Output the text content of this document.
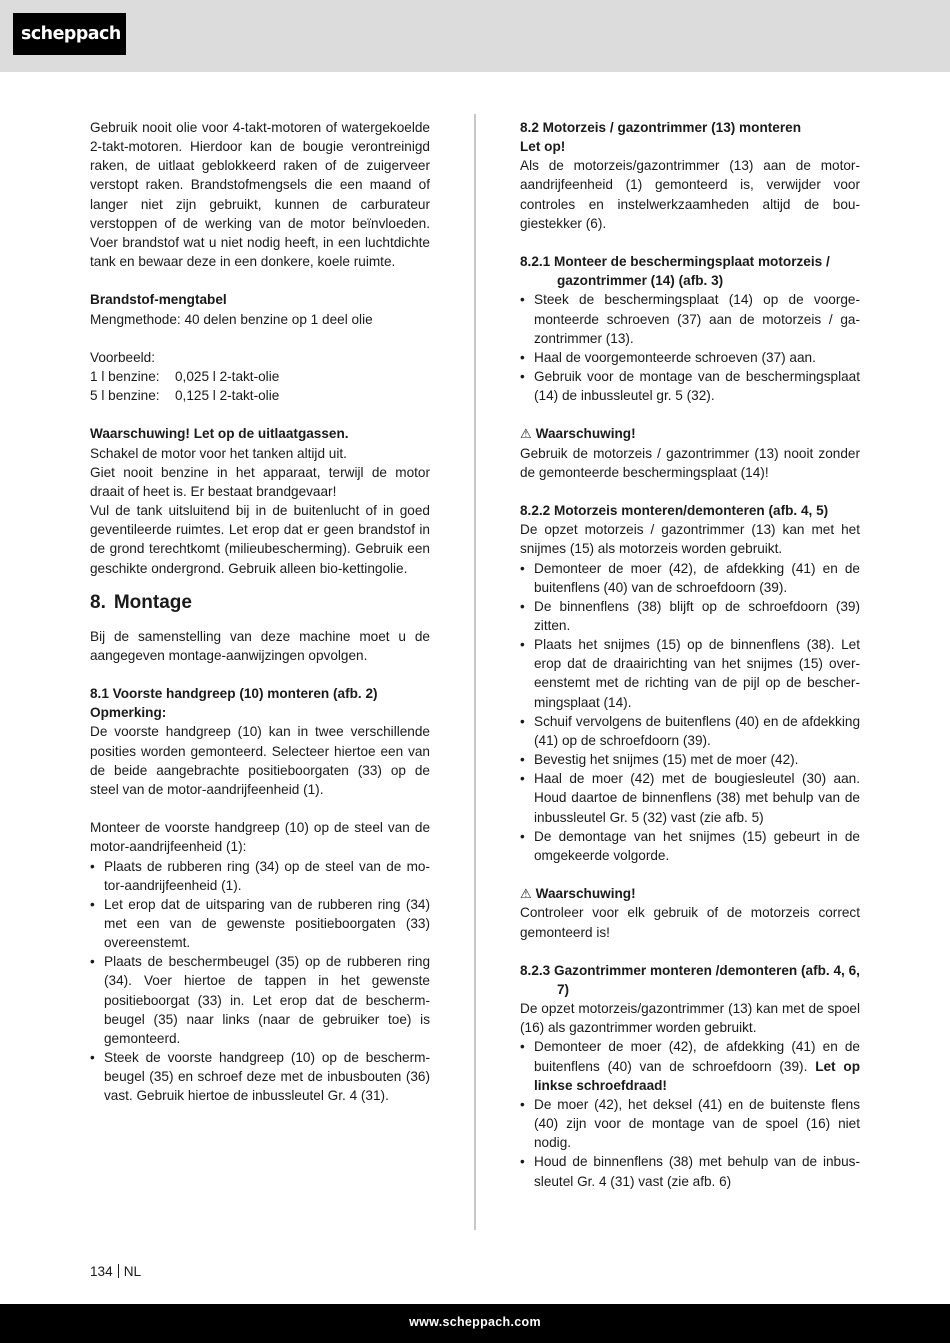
scheppach

Gebruik nooit olie voor 4-takt-motoren of watergekoelde 2-takt-motoren. Hierdoor kan de bougie verontreinigd raken, de uitlaat geblokkeerd raken of de zuigerveer verstopt raken. Brandstofmengsels die een maand of langer niet zijn gebruikt, kunnen de carburateur verstoppen of de werking van de motor beïnvloeden. Voer brandstof wat u niet nodig heeft, in een luchtdichte tank en bewaar deze in een donkere, koele ruimte.

Brandstof-mengtabel

Mengmethode: 40 delen benzine op 1 deel olie

Voorbeeld:

1 l benzine:	0,025 l 2-takt-olie
5 l benzine:	0,125 l 2-takt-olie

Waarschuwing! Let op de uitlaatgassen.

Schakel de motor voor het tanken altijd uit.

Giet nooit benzine in het apparaat, terwijl de motor draait of heet is. Er bestaat brandgevaar!

Vul de tank uitsluitend bij in de buitenlucht of in goed geventileerde ruimtes. Let erop dat er geen brandstof in de grond terechtkomt (milieubescherming). Gebruik een geschikte ondergrond. Gebruik alleen bio-kettingolie.

8. Montage

Bij de samenstelling van deze machine moet u de aangegeven montage-aanwijzingen opvolgen.

8.1 Voorste handgreep (10) monteren (afb. 2)

Opmerking:

De voorste handgreep (10) kan in twee verschillende posities worden gemonteerd. Selecteer hiertoe een van de beide aangebrachte positieboorgaten (33) op de steel van de motor-aandrijfeenheid (1).

Monteer de voorste handgreep (10) op de steel van de motor-aandrijfeenheid (1):

• Plaats de rubberen ring (34) op de steel van de motor-aandrijfeenheid (1).
• Let erop dat de uitsparing van de rubberen ring (34) met een van de gewenste positieboorgaten (33) overeenstemt.
• Plaats de beschermbeugel (35) op de rubberen ring (34). Voer hiertoe de tappen in het gewenste positieboorgat (33) in. Let erop dat de beschermbeugel (35) naar links (naar de gebruiker toe) is gemonteerd.
• Steek de voorste handgreep (10) op de beschermbeugel (35) en schroef deze met de inbusbouten (36) vast. Gebruik hiertoe de inbussleutel Gr. 4 (31).

8.2 Motorzeis / gazontrimmer (13) monteren

Let op!

Als de motorzeis/gazontrimmer (13) aan de motor-aandrijfeenheid (1) gemonteerd is, verwijder voor controles en instelwerkzaamheden altijd de bougiestekker (6).

8.2.1 Monteer de beschermingsplaat motorzeis / gazontrimmer (14) (afb. 3)

• Steek de beschermingsplaat (14) op de voorgemonteerde schroeven (37) aan de motorzeis / gazontrimmer (13).
• Haal de voorgemonteerde schroeven (37) aan.
• Gebruik voor de montage van de beschermingsplaat (14) de inbussleutel gr. 5 (32).

⚠ Waarschuwing!

Gebruik de motorzeis / gazontrimmer (13) nooit zonder de gemonteerde beschermingsplaat (14)!

8.2.2 Motorzeis monteren/demonteren (afb. 4, 5)

De opzet motorzeis / gazontrimmer (13) kan met het snijmes (15) als motorzeis worden gebruikt.

• Demonteer de moer (42), de afdekking (41) en de buitenflens (40) van de schroefdoorn (39).
• De binnenflens (38) blijft op de schroefdoorn (39) zitten.
• Plaats het snijmes (15) op de binnenflens (38). Let erop dat de draairichting van het snijmes (15) overeenstemt met de richting van de pijl op de beschermingsplaat (14).
• Schuif vervolgens de buitenflens (40) en de afdekking (41) op de schroefdoorn (39).
• Bevestig het snijmes (15) met de moer (42).
• Haal de moer (42) met de bougiesleutel (30) aan. Houd daartoe de binnenflens (38) met behulp van de inbussleutel Gr. 5 (32) vast (zie afb. 5)
• De demontage van het snijmes (15) gebeurt in de omgekeerde volgorde.

⚠ Waarschuwing!

Controleer voor elk gebruik of de motorzeis correct gemonteerd is!

8.2.3 Gazontrimmer monteren /demonteren (afb. 4, 6, 7)

De opzet motorzeis/gazontrimmer (13) kan met de spoel (16) als gazontrimmer worden gebruikt.

• Demonteer de moer (42), de afdekking (41) en de buitenflens (40) van de schroefdoorn (39). Let op linkse schroefdraad!
• De moer (42), het deksel (41) en de buitenste flens (40) zijn voor de montage van de spoel (16) niet nodig.
• Houd de binnenflens (38) met behulp van de inbussleutel Gr. 4 (31) vast (zie afb. 6)
134 NL
www.scheppach.com
